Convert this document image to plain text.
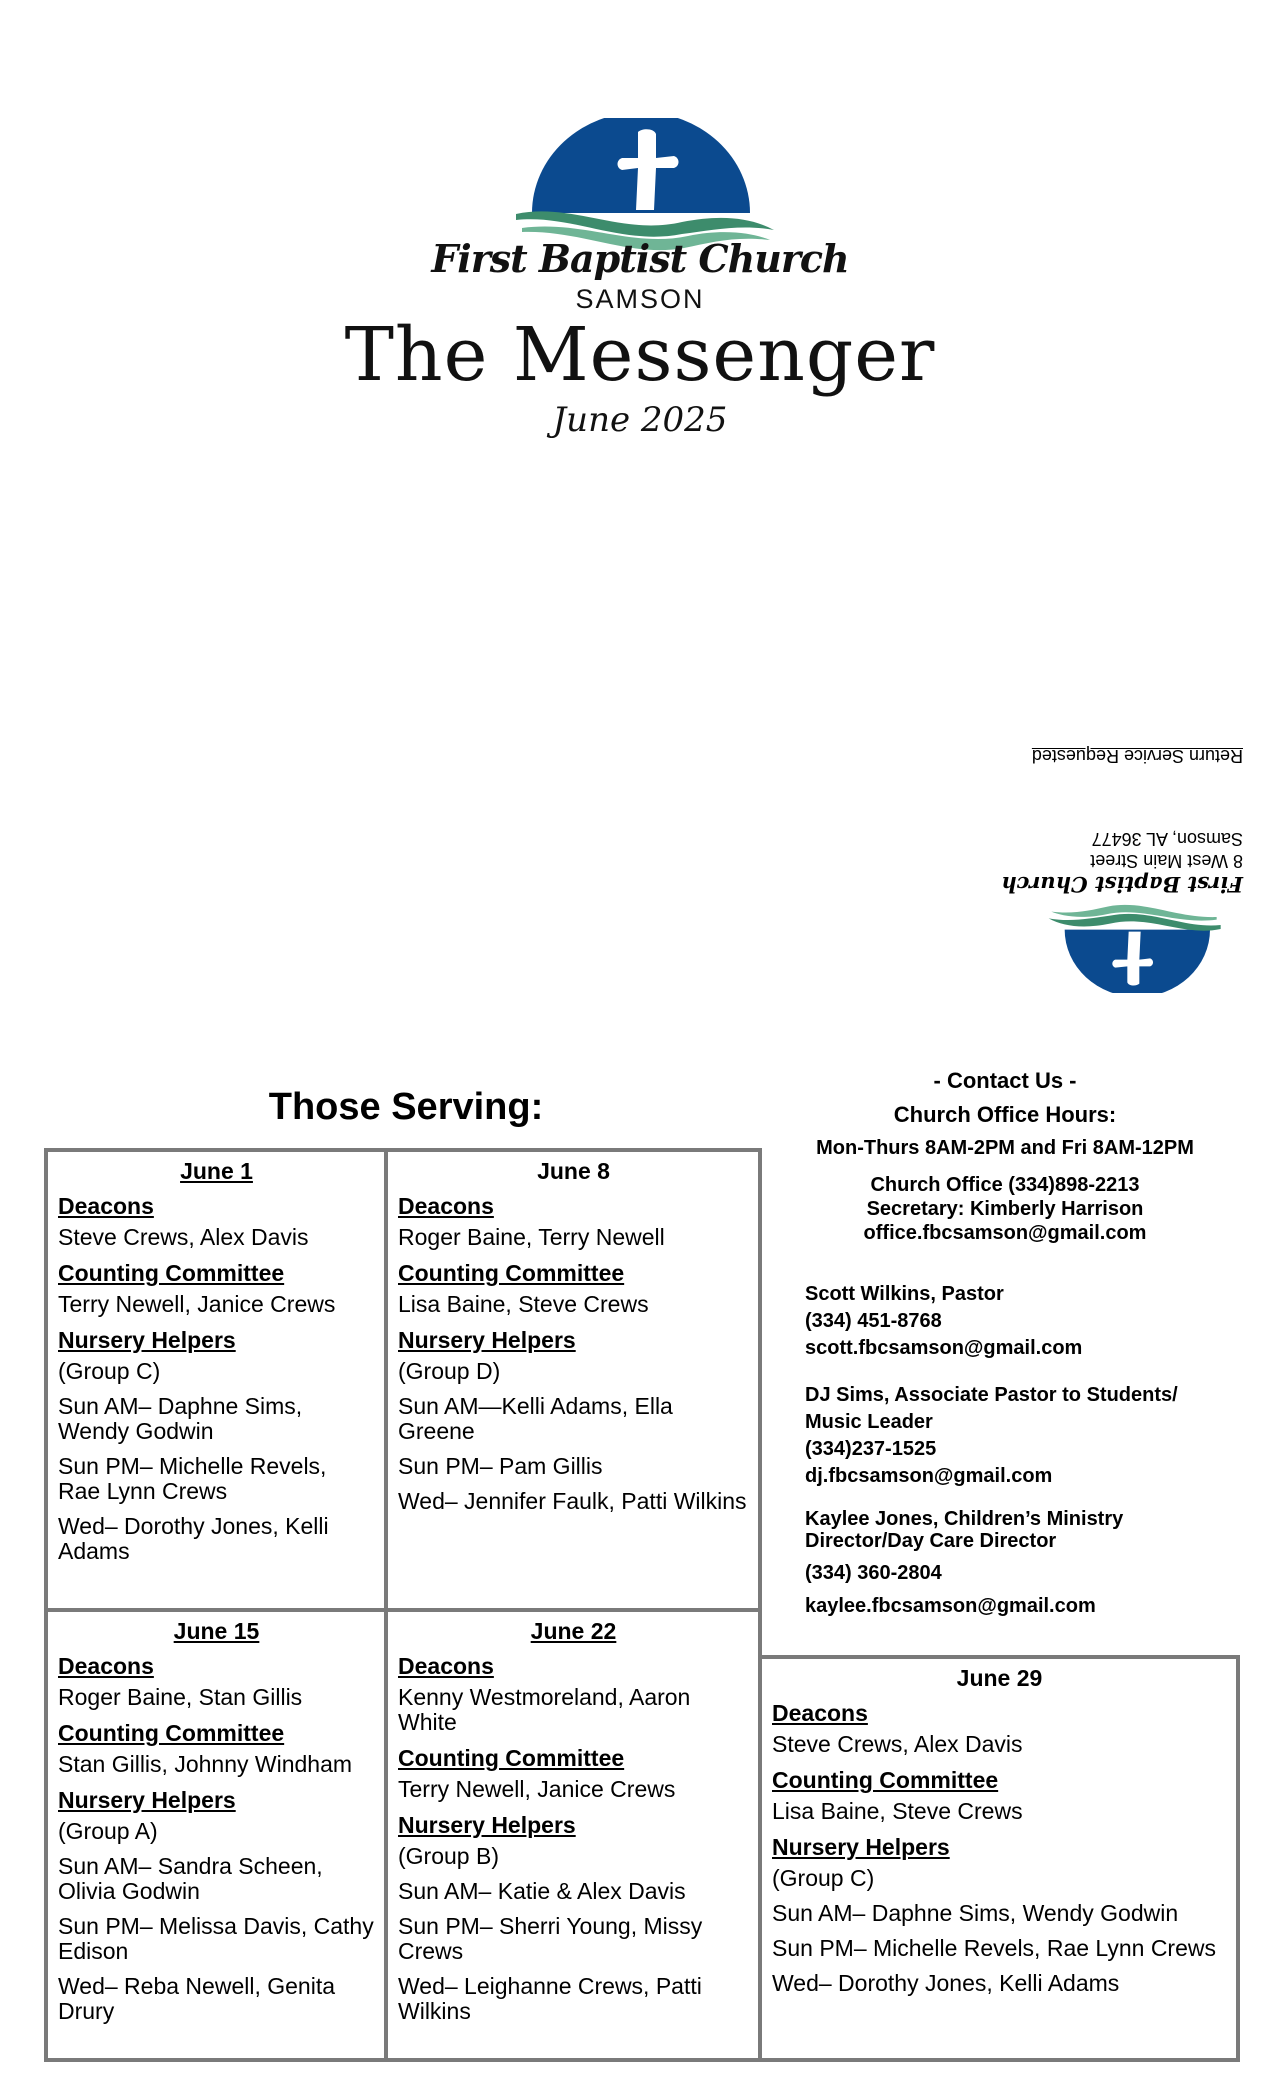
First Baptist Church
SAMSON
The Messenger
June 2025
First Baptist Church
8 West Main Street
Samson, AL 36477
Return Service Requested
Those Serving:
June 1
Deacons
Steve Crews, Alex Davis
Counting Committee
Terry Newell, Janice Crews
Nursery Helpers
(Group C)
Sun AM– Daphne Sims, Wendy Godwin
Sun PM– Michelle Revels, Rae Lynn Crews
Wed– Dorothy Jones, Kelli Adams
June 8
Deacons
Roger Baine, Terry Newell
Counting Committee
Lisa Baine, Steve Crews
Nursery Helpers
(Group D)
Sun AM—Kelli Adams, Ella Greene
Sun PM– Pam Gillis
Wed– Jennifer Faulk, Patti Wilkins
June 15
Deacons
Roger Baine, Stan Gillis
Counting Committee
Stan Gillis, Johnny Windham
Nursery Helpers
(Group A)
Sun AM– Sandra Scheen, Olivia Godwin
Sun PM– Melissa Davis, Cathy Edison
Wed– Reba Newell, Genita Drury
June 22
Deacons
Kenny Westmoreland, Aaron White
Counting Committee
Terry Newell, Janice Crews
Nursery Helpers
(Group B)
Sun AM– Katie & Alex Davis
Sun PM– Sherri Young, Missy Crews
Wed– Leighanne Crews, Patti Wilkins
June 29
Deacons
Steve Crews, Alex Davis
Counting Committee
Lisa Baine, Steve Crews
Nursery Helpers
(Group C)
Sun AM– Daphne Sims, Wendy Godwin
Sun PM– Michelle Revels, Rae Lynn Crews
Wed– Dorothy Jones, Kelli Adams
- Contact Us -
Church Office Hours:
Mon-Thurs 8AM-2PM and Fri 8AM-12PM
Church Office (334)898-2213
Secretary: Kimberly Harrison
office.fbcsamson@gmail.com
Scott Wilkins, Pastor
(334) 451-8768
scott.fbcsamson@gmail.com
DJ Sims, Associate Pastor to Students/ Music Leader
(334)237-1525
dj.fbcsamson@gmail.com
Kaylee Jones, Children’s Ministry Director/Day Care Director
(334) 360-2804
kaylee.fbcsamson@gmail.com
